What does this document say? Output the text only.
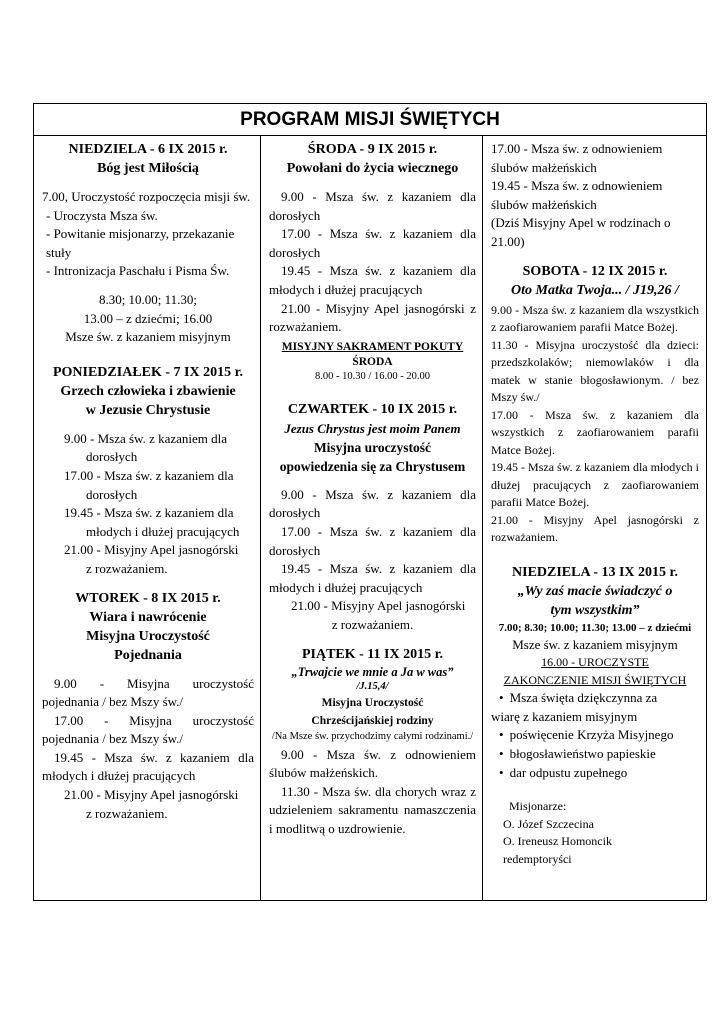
PROGRAM MISJI ŚWIĘTYCH
NIEDZIELA - 6 IX 2015 r.
Bóg jest Miłością
7.00, Uroczystość rozpoczęcia misji św.
- Uroczysta Msza św.
- Powitanie misjonarzy, przekazanie stuły
- Intronizacja Paschału i Pisma Św.
8.30; 10.00; 11.30;
13.00 – z dziećmi; 16.00
Msze św. z kazaniem misyjnym
PONIEDZIAŁEK - 7 IX 2015 r.
Grzech człowieka i zbawienie
w Jezusie Chrystusie
9.00 - Msza św. z kazaniem dla
dorosłych
17.00 - Msza św. z kazaniem dla
dorosłych
19.45 - Msza św. z kazaniem dla
młodych i dłużej pracujących
21.00 - Misyjny Apel jasnogórski
z rozważaniem.
WTOREK - 8 IX 2015 r.
Wiara i nawrócenie
Misyjna Uroczystość
Pojednania
9.00 - Misyjna uroczystość pojednania / bez Mszy św./
17.00 - Misyjna uroczystość pojednania / bez Mszy św./
19.45 - Msza św. z kazaniem dla młodych i dłużej pracujących
21.00 - Misyjny Apel jasnogórski
z rozważaniem.
ŚRODA - 9 IX 2015 r.
Powołani do życia wiecznego
9.00 - Msza św. z kazaniem dla dorosłych
17.00 - Msza św. z kazaniem dla dorosłych
19.45 - Msza św. z kazaniem dla młodych i dłużej pracujących
21.00 - Misyjny Apel jasnogórski z rozważaniem.
MISYJNY SAKRAMENT POKUTY
ŚRODA
8.00 - 10.30 / 16.00 - 20.00
CZWARTEK - 10 IX 2015 r.
Jezus Chrystus jest moim Panem
Misyjna uroczystość
opowiedzenia się za Chrystusem
9.00 - Msza św. z kazaniem dla dorosłych
17.00 - Msza św. z kazaniem dla dorosłych
19.45 - Msza św. z kazaniem dla młodych i dłużej pracujących
21.00 - Misyjny Apel jasnogórski
z rozważaniem.
PIĄTEK - 11 IX 2015 r.
„Trwajcie we mnie a Ja w was”
/J.15,4/
Misyjna Uroczystość
Chrześcijańskiej rodziny
/Na Msze św. przychodzimy całymi rodzinami./
9.00 - Msza św. z odnowieniem ślubów małżeńskich.
11.30 - Msza św. dla chorych wraz z udzieleniem sakramentu namaszczenia i modlitwą o uzdrowienie.
17.00 - Msza św. z odnowieniem ślubów małżeńskich
19.45 - Msza św. z odnowieniem ślubów małżeńskich
(Dziś Misyjny Apel w rodzinach o 21.00)
SOBOTA - 12 IX 2015 r.
Oto Matka Twoja... / J19,26 /
9.00 - Msza św. z kazaniem dla wszystkich z zaofiarowaniem parafii Matce Bożej.
11.30 - Misyjna uroczystość dla dzieci: przedszkolaków; niemowlaków i dla matek w stanie błogosławionym. / bez Mszy św./
17.00 - Msza św. z kazaniem dla wszystkich z zaofiarowaniem parafii Matce Bożej.
19.45 - Msza św. z kazaniem dla młodych i dłużej pracujących z zaofiarowaniem parafii Matce Bożej.
21.00 - Misyjny Apel jasnogórski z rozważaniem.
NIEDZIELA - 13 IX 2015 r.
„Wy zaś macie świadczyć o
tym wszystkim”
7.00; 8.30; 10.00; 11.30; 13.00 – z dziećmi
Msze św. z kazaniem misyjnym
16.00 - UROCZYSTE
ZAKONCZENIE MISJI ŚWIĘTYCH
• Msza święta dziękczynna za
wiarę z kazaniem misyjnym
• poświęcenie Krzyża Misyjnego
• błogosławieństwo papieskie
• dar odpustu zupełnego
Misjonarze:
O. Józef Szczecina
O. Ireneusz Homoncik
redemptoryści
